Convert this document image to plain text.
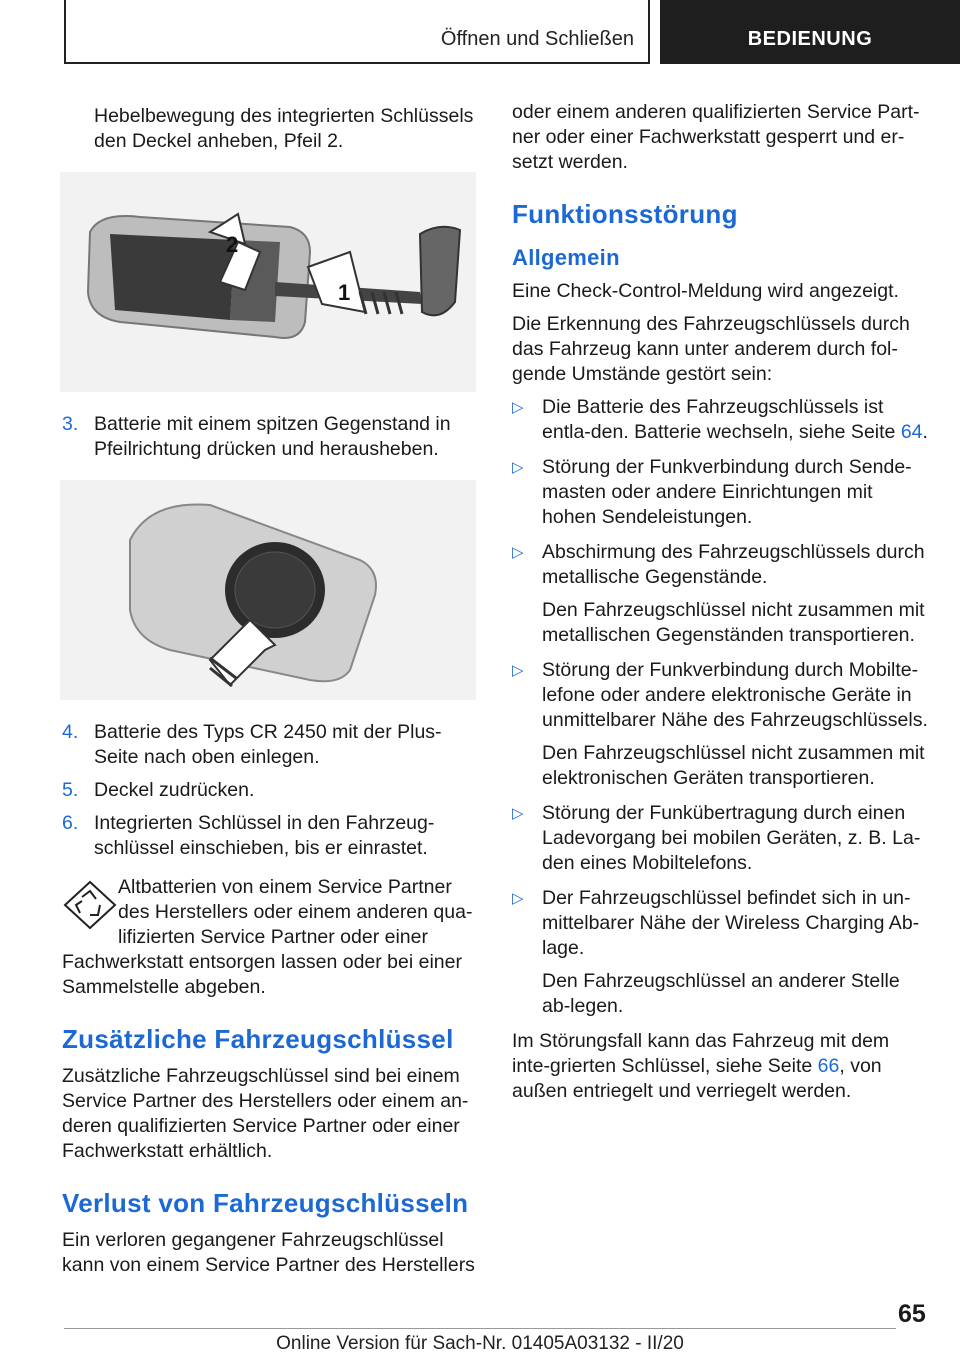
Öffnen und Schließen	BEDIENUNG

Hebelbewegung des integrierten Schlüssels den Deckel anheben, Pfeil 2.

2
1
3. Batterie mit einem spitzen Gegenstand in Pfeilrichtung drücken und herausheben.
4. Batterie des Typs CR 2450 mit der Plus-Seite nach oben einlegen.
5. Deckel zudrücken.
6. Integrierten Schlüssel in den Fahrzeug-schlüssel einschieben, bis er einrastet.

Altbatterien von einem Service Partner des Herstellers oder einem anderen qua-lifizierten Service Partner oder einer

Fachwerkstatt entsorgen lassen oder bei einer Sammelstelle abgeben.

Zusätzliche Fahrzeugschlüssel

Zusätzliche Fahrzeugschlüssel sind bei einem Service Partner des Herstellers oder einem an-deren qualifizierten Service Partner oder einer Fachwerkstatt erhältlich.

Verlust von Fahrzeugschlüsseln

Ein verloren gegangener Fahrzeugschlüssel kann von einem Service Partner des Herstellers

oder einem anderen qualifizierten Service Part-ner oder einer Fachwerkstatt gesperrt und er-setzt werden.

Funktionsstörung
Allgemein

Eine Check-Control-Meldung wird angezeigt.

Die Erkennung des Fahrzeugschlüssels durch das Fahrzeug kann unter anderem durch fol-gende Umstände gestört sein:

▷ Die Batterie des Fahrzeugschlüssels ist entla-den. Batterie wechseln, siehe Seite 64.
▷ Störung der Funkverbindung durch Sende-masten oder andere Einrichtungen mit hohen Sendeleistungen.
▷ Abschirmung des Fahrzeugschlüssels durch metallische Gegenstände.
Den Fahrzeugschlüssel nicht zusammen mit metallischen Gegenständen transportieren.
▷ Störung der Funkverbindung durch Mobilte-lefone oder andere elektronische Geräte in unmittelbarer Nähe des Fahrzeugschlüssels.
Den Fahrzeugschlüssel nicht zusammen mit elektronischen Geräten transportieren.
▷ Störung der Funkübertragung durch einen Ladevorgang bei mobilen Geräten, z. B. La-den eines Mobiltelefons.
▷ Der Fahrzeugschlüssel befindet sich in un-mittelbarer Nähe der Wireless Charging Ab-lage.
Den Fahrzeugschlüssel an anderer Stelle ab-legen.

Im Störungsfall kann das Fahrzeug mit dem inte-grierten Schlüssel, siehe Seite 66, von außen entriegelt und verriegelt werden.

65
Online Version für Sach-Nr. 01405A03132 - II/20
